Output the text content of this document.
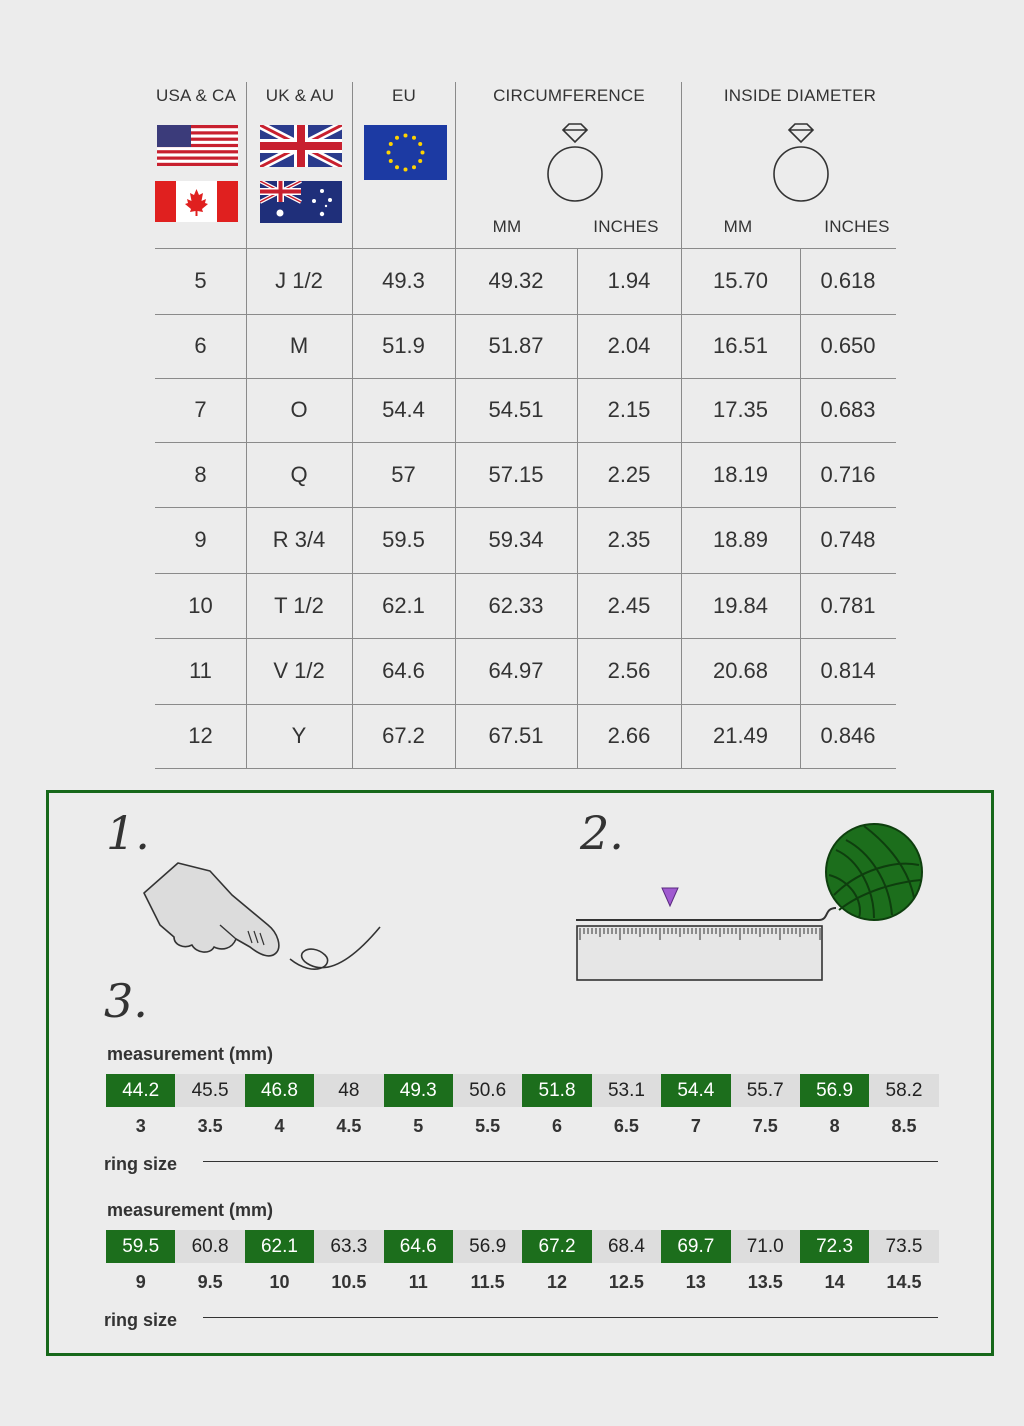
USA & CA	UK & AU	EU	CIRCUMFERENCE	INSIDE DIAMETER
MM	INCHES	MM	INCHES
5	J 1/2	49.3	49.32	1.94	15.70	0.618
6	M	51.9	51.87	2.04	16.51	0.650
7	O	54.4	54.51	2.15	17.35	0.683
8	Q	57	57.15	2.25	18.19	0.716
9	R 3/4	59.5	59.34	2.35	18.89	0.748
10	T 1/2	62.1	62.33	2.45	19.84	0.781
11	V 1/2	64.6	64.97	2.56	20.68	0.814
12	Y	67.2	67.51	2.66	21.49	0.846
1.	2.
3.
measurement (mm)
44.2	45.5	46.8	48	49.3	50.6	51.8	53.1	54.4	55.7	56.9	58.2
3	3.5	4	4.5	5	5.5	6	6.5	7	7.5	8	8.5
ring size
measurement (mm)
59.5	60.8	62.1	63.3	64.6	56.9	67.2	68.4	69.7	71.0	72.3	73.5
9	9.5	10	10.5	11	11.5	12	12.5	13	13.5	14	14.5
ring size
